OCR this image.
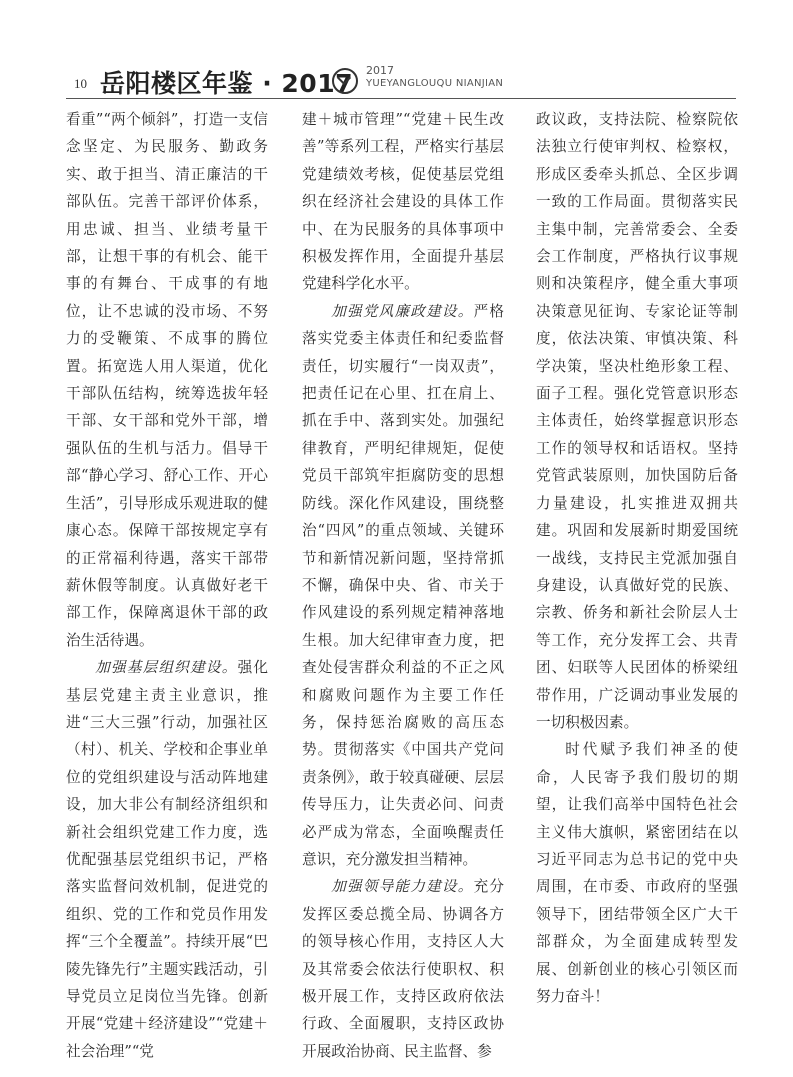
10 岳阳楼区年鉴 · 2017 2017
YUEYANGLOUQU NIANJIAN

看重”“两个倾斜”，打造一支信念坚定、为民服务、勤政务实、敢于担当、清正廉洁的干部队伍。完善干部评价体系，用忠诚、担当、业绩考量干部，让想干事的有机会、能干事的有舞台、干成事的有地位，让不忠诚的没市场、不努力的受鞭策、不成事的腾位置。拓宽选人用人渠道，优化干部队伍结构，统筹选拔年轻干部、女干部和党外干部，增强队伍的生机与活力。倡导干部“静心学习、舒心工作、开心生活”，引导形成乐观进取的健康心态。保障干部按规定享有的正常福利待遇，落实干部带薪休假等制度。认真做好老干部工作，保障离退休干部的政治生活待遇。

加强基层组织建设。强化基层党建主责主业意识，推进“三大三强”行动，加强社区（村）、机关、学校和企事业单位的党组织建设与活动阵地建设，加大非公有制经济组织和新社会组织党建工作力度，选优配强基层党组织书记，严格落实监督问效机制，促进党的组织、党的工作和党员作用发挥“三个全覆盖”。持续开展“巴陵先锋先行”主题实践活动，引导党员立足岗位当先锋。创新开展“党建＋经济建设”“党建＋社会治理”“党

建＋城市管理”“党建＋民生改善”等系列工程，严格实行基层党建绩效考核，促使基层党组织在经济社会建设的具体工作中、在为民服务的具体事项中积极发挥作用，全面提升基层党建科学化水平。

加强党风廉政建设。严格落实党委主体责任和纪委监督责任，切实履行“一岗双责”，把责任记在心里、扛在肩上、抓在手中、落到实处。加强纪律教育，严明纪律规矩，促使党员干部筑牢拒腐防变的思想防线。深化作风建设，围绕整治“四风”的重点领域、关键环节和新情况新问题，坚持常抓不懈，确保中央、省、市关于作风建设的系列规定精神落地生根。加大纪律审查力度，把查处侵害群众利益的不正之风和腐败问题作为主要工作任务，保持惩治腐败的高压态势。贯彻落实《中国共产党问责条例》，敢于较真碰硬、层层传导压力，让失责必问、问责必严成为常态，全面唤醒责任意识，充分激发担当精神。

加强领导能力建设。充分发挥区委总揽全局、协调各方的领导核心作用，支持区人大及其常委会依法行使职权、积极开展工作，支持区政府依法行政、全面履职，支持区政协开展政治协商、民主监督、参

政议政，支持法院、检察院依法独立行使审判权、检察权，形成区委牵头抓总、全区步调一致的工作局面。贯彻落实民主集中制，完善常委会、全委会工作制度，严格执行议事规则和决策程序，健全重大事项决策意见征询、专家论证等制度，依法决策、审慎决策、科学决策，坚决杜绝形象工程、面子工程。强化党管意识形态主体责任，始终掌握意识形态工作的领导权和话语权。坚持党管武装原则，加快国防后备力量建设，扎实推进双拥共建。巩固和发展新时期爱国统一战线，支持民主党派加强自身建设，认真做好党的民族、宗教、侨务和新社会阶层人士等工作，充分发挥工会、共青团、妇联等人民团体的桥梁纽带作用，广泛调动事业发展的一切积极因素。

时代赋予我们神圣的使命，人民寄予我们殷切的期望，让我们高举中国特色社会主义伟大旗帜，紧密团结在以习近平同志为总书记的党中央周围，在市委、市政府的坚强领导下，团结带领全区广大干部群众，为全面建成转型发展、创新创业的核心引领区而努力奋斗！
